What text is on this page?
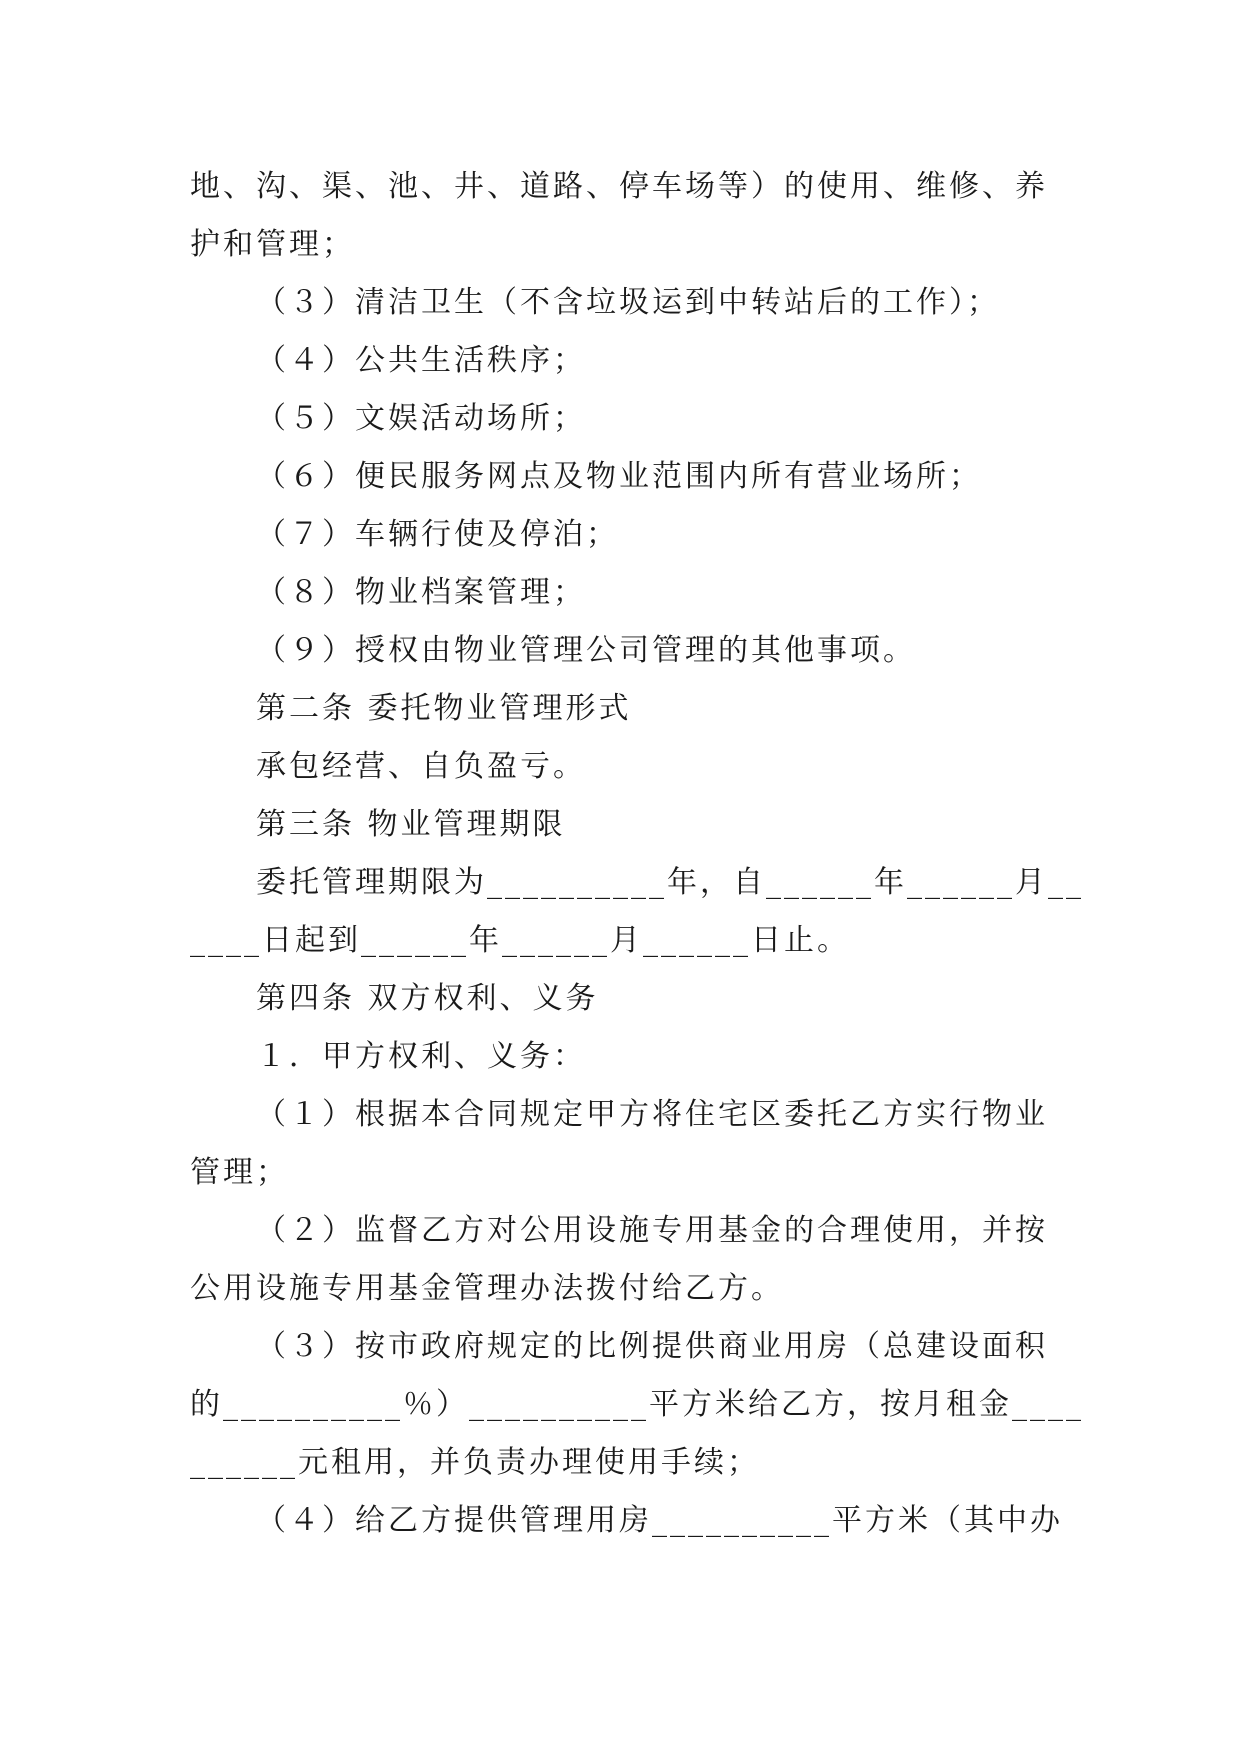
地、沟、渠、池、井、道路、停车场等）的使用、维修、养
护和管理；
（３）清洁卫生（不含垃圾运到中转站后的工作）；
（４）公共生活秩序；
（５）文娱活动场所；
（６）便民服务网点及物业范围内所有营业场所；
（７）车辆行使及停泊；
（８）物业档案管理；
（９）授权由物业管理公司管理的其他事项。
第二条 委托物业管理形式
承包经营、自负盈亏。
第三条 物业管理期限
委托管理期限为__________年，自______年______月__
____日起到______年______月______日止。
第四条 双方权利、义务
１．甲方权利、义务：
（１）根据本合同规定甲方将住宅区委托乙方实行物业
管理；
（２）监督乙方对公用设施专用基金的合理使用，并按
公用设施专用基金管理办法拨付给乙方。
（３）按市政府规定的比例提供商业用房（总建设面积
的__________％）__________平方米给乙方，按月租金____
______元租用，并负责办理使用手续；
（４）给乙方提供管理用房__________平方米（其中办
